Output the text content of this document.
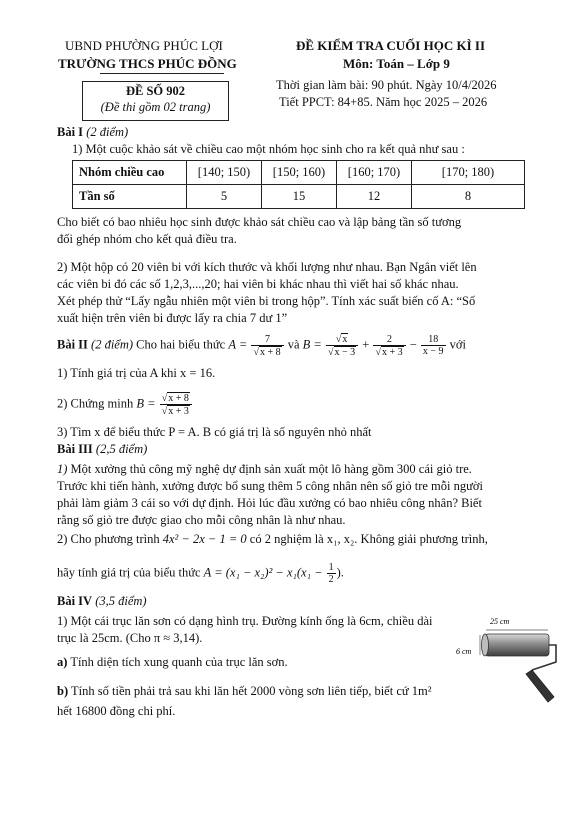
UBND PHƯỜNG PHÚC LỢI
TRƯỜNG THCS PHÚC ĐỒNG
ĐỀ KIỂM TRA CUỐI HỌC KÌ II
Môn: Toán – Lớp 9
Thời gian làm bài: 90 phút. Ngày 10/4/2026
Tiết PPCT: 84+85. Năm học 2025 – 2026
ĐỀ SỐ 902
(Đề thi gồm 02 trang)
Bài I (2 điểm)
1) Một cuộc khảo sát về chiều cao một nhóm học sinh cho ra kết quả như sau :
Nhóm chiều cao	[140; 150)	[150; 160)	[160; 170)	[170; 180)
Tần số	5	15	12	8
Cho biết có bao nhiêu học sinh được khảo sát chiều cao và lập bảng tần số tương
đối ghép nhóm cho kết quả điều tra.
2) Một hộp có 20 viên bi với kích thước và khối lượng như nhau. Bạn Ngân viết lên
các viên bi đó các số 1,2,3,...,20; hai viên bi khác nhau thì viết hai số khác nhau.
Xét phép thử “Lấy ngẫu nhiên một viên bi trong hộp”. Tính xác suất biến cố A: “Số
xuất hiện trên viên bi được lấy ra chia 7 dư 1”
Bài II (2 điểm) Cho hai biểu thức $A = \frac{7}{√x + 8}$ và $B = \frac{√x}{√x - 3} + \frac{2}{√x + 3} - \frac{18}{x - 9}$ với
1) Tính giá trị của A khi x = 16.
2) Chứng minh $B = \frac{√x + 8}{√x + 3}$
3) Tìm x để biểu thức P = A. B có giá trị là số nguyên nhỏ nhất
Bài III (2,5 điểm)
1) Một xưởng thủ công mỹ nghệ dự định sản xuất một lô hàng gồm 300 cái giỏ tre.
Trước khi tiến hành, xưởng được bổ sung thêm 5 công nhân nên số giỏ tre mỗi người
phải làm giảm 3 cái so với dự định. Hỏi lúc đầu xưởng có bao nhiêu công nhân? Biết
rằng số giỏ tre được giao cho mỗi công nhân là như nhau.
2) Cho phương trình 4x² − 2x − 1 = 0 có 2 nghiệm là x₁, x₂. Không giải phương trình,
hãy tính giá trị của biểu thức $A = (x_1 - x_2)^2 - x_1(x_1 - \frac{1}{2}$ ).
Bài IV (3,5 điểm)
1) Một cái trục lăn sơn có dạng hình trụ. Đường kính ống là 6cm, chiều dài
trục là 25cm. (Cho π ≈ 3,14).
a) Tính diện tích xung quanh của trục lăn sơn.
b) Tính số tiền phải trả sau khi lăn hết 2000 vòng sơn liên tiếp, biết cứ 1m²
hết 16800 đồng chi phí.
25 cm
6 cm
